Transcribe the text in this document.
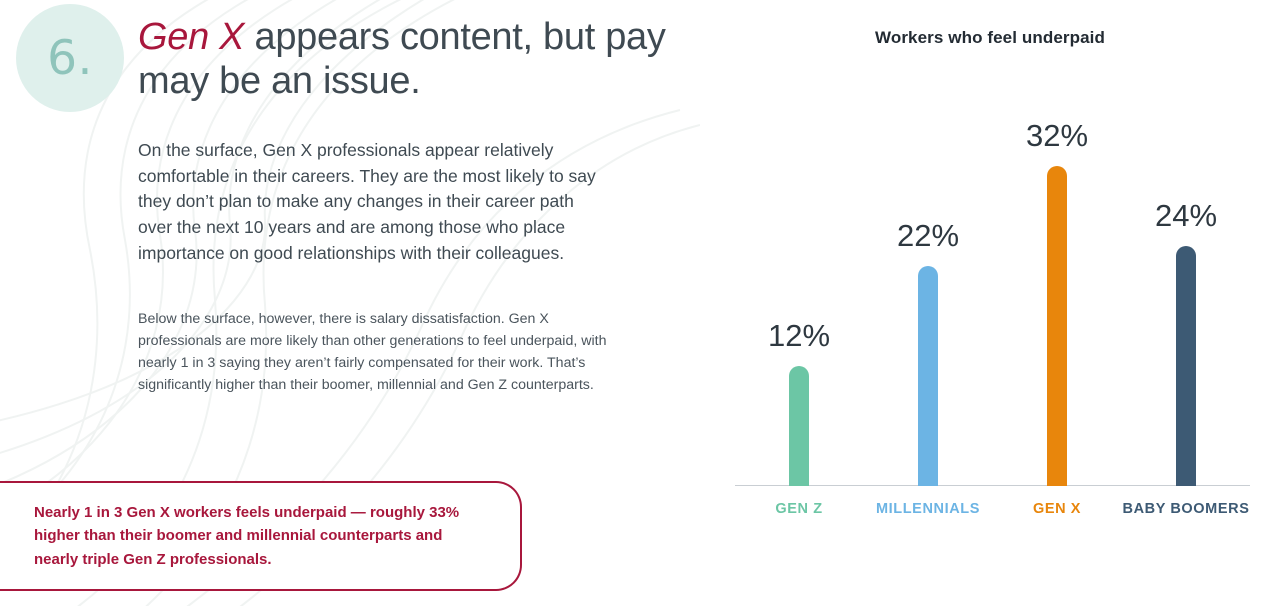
6. Gen X appears content, but pay may be an issue.
On the surface, Gen X professionals appear relatively comfortable in their careers. They are the most likely to say they don’t plan to make any changes in their career path over the next 10 years and are among those who place importance on good relationships with their colleagues.
Below the surface, however, there is salary dissatisfaction. Gen X professionals are more likely than other generations to feel underpaid, with nearly 1 in 3 saying they aren’t fairly compensated for their work. That’s significantly higher than their boomer, millennial and Gen Z counterparts.
Nearly 1 in 3 Gen X workers feels underpaid — roughly 33% higher than their boomer and millennial counterparts and nearly triple Gen Z professionals.
Workers who feel underpaid
12%
22%
32%
24%
GEN Z	MILLENNIALS	GEN X	BABY BOOMERS
